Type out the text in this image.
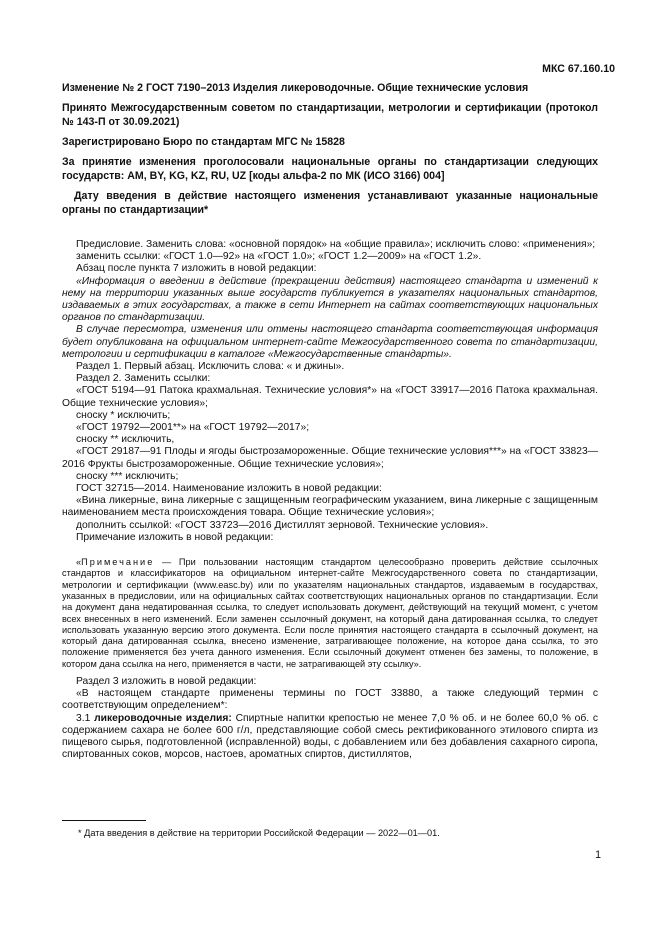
МКС 67.160.10
Изменение № 2 ГОСТ 7190–2013 Изделия ликероводочные. Общие технические условия
Принято Межгосударственным советом по стандартизации, метрологии и сертификации (протокол № 143-П от 30.09.2021)
Зарегистрировано Бюро по стандартам МГС № 15828
За принятие изменения проголосовали национальные органы по стандартизации следующих государств: AM, BY, KG, KZ, RU, UZ [коды альфа-2 по МК (ИСО 3166) 004]
Дату введения в действие настоящего изменения устанавливают указанные национальные органы по стандартизации*

Предисловие. Заменить слова: «основной порядок» на «общие правила»; исключить слово: «применения»;

заменить ссылки: «ГОСТ 1.0—92» на «ГОСТ 1.0»; «ГОСТ 1.2—2009» на «ГОСТ 1.2».

Абзац после пункта 7 изложить в новой редакции:

«Информация о введении в действие (прекращении действия) настоящего стандарта и изменений к нему на территории указанных выше государств публикуется в указателях национальных стандартов, издаваемых в этих государствах, а также в сети Интернет на сайтах соответствующих национальных органов по стандартизации.

В случае пересмотра, изменения или отмены настоящего стандарта соответствующая информация будет опубликована на официальном интернет-сайте Межгосударственного совета по стандартизации, метрологии и сертификации в каталоге «Межгосударственные стандарты».

Раздел 1. Первый абзац. Исключить слова: « и джины».

Раздел 2. Заменить ссылки:

«ГОСТ 5194—91 Патока крахмальная. Технические условия*» на «ГОСТ 33917—2016 Патока крахмальная. Общие технические условия»;

сноску * исключить;

«ГОСТ 19792—2001**» на «ГОСТ 19792—2017»;

сноску ** исключить,

«ГОСТ 29187—91 Плоды и ягоды быстрозамороженные. Общие технические условия***» на «ГОСТ 33823—2016 Фрукты быстрозамороженные. Общие технические условия»;

сноску *** исключить;

ГОСТ 32715—2014. Наименование изложить в новой редакции:

«Вина ликерные, вина ликерные с защищенным географическим указанием, вина ликерные с защищенным наименованием места происхождения товара. Общие технические условия»;

дополнить ссылкой: «ГОСТ 33723—2016 Дистиллят зерновой. Технические условия».

Примечание изложить в новой редакции:

«Примечание — При пользовании настоящим стандартом целесообразно проверить действие ссылочных стандартов и классификаторов на официальном интернет-сайте Межгосударственного совета по стандартизации, метрологии и сертификации (www.easc.by) или по указателям национальных стандартов, издаваемым в государствах, указанных в предисловии, или на официальных сайтах соответствующих национальных органов по стандартизации. Если на документ дана недатированная ссылка, то следует использовать документ, действующий на текущий момент, с учетом всех внесенных в него изменений. Если заменен ссылочный документ, на который дана датированная ссылка, то следует использовать указанную версию этого документа. Если после принятия настоящего стандарта в ссылочный документ, на который дана датированная ссылка, внесено изменение, затрагивающее положение, на которое дана ссылка, то это положение применяется без учета данного изменения. Если ссылочный документ отменен без замены, то положение, в котором дана ссылка на него, применяется в части, не затрагивающей эту ссылку».

Раздел 3 изложить в новой редакции:

«В настоящем стандарте применены термины по ГОСТ 33880, а также следующий термин с соответствующим определением*:

3.1 ликероводочные изделия: Спиртные напитки крепостью не менее 7,0 % об. и не более 60,0 % об. с содержанием сахара не более 600 г/л, представляющие собой смесь ректификованного этилового спирта из пищевого сырья, подготовленной (исправленной) воды, с добавлением или без добавления сахарного сиропа, спиртованных соков, морсов, настоев, ароматных спиртов, дистиллятов,

* Дата введения в действие на территории Российской Федерации — 2022—01—01.
1
